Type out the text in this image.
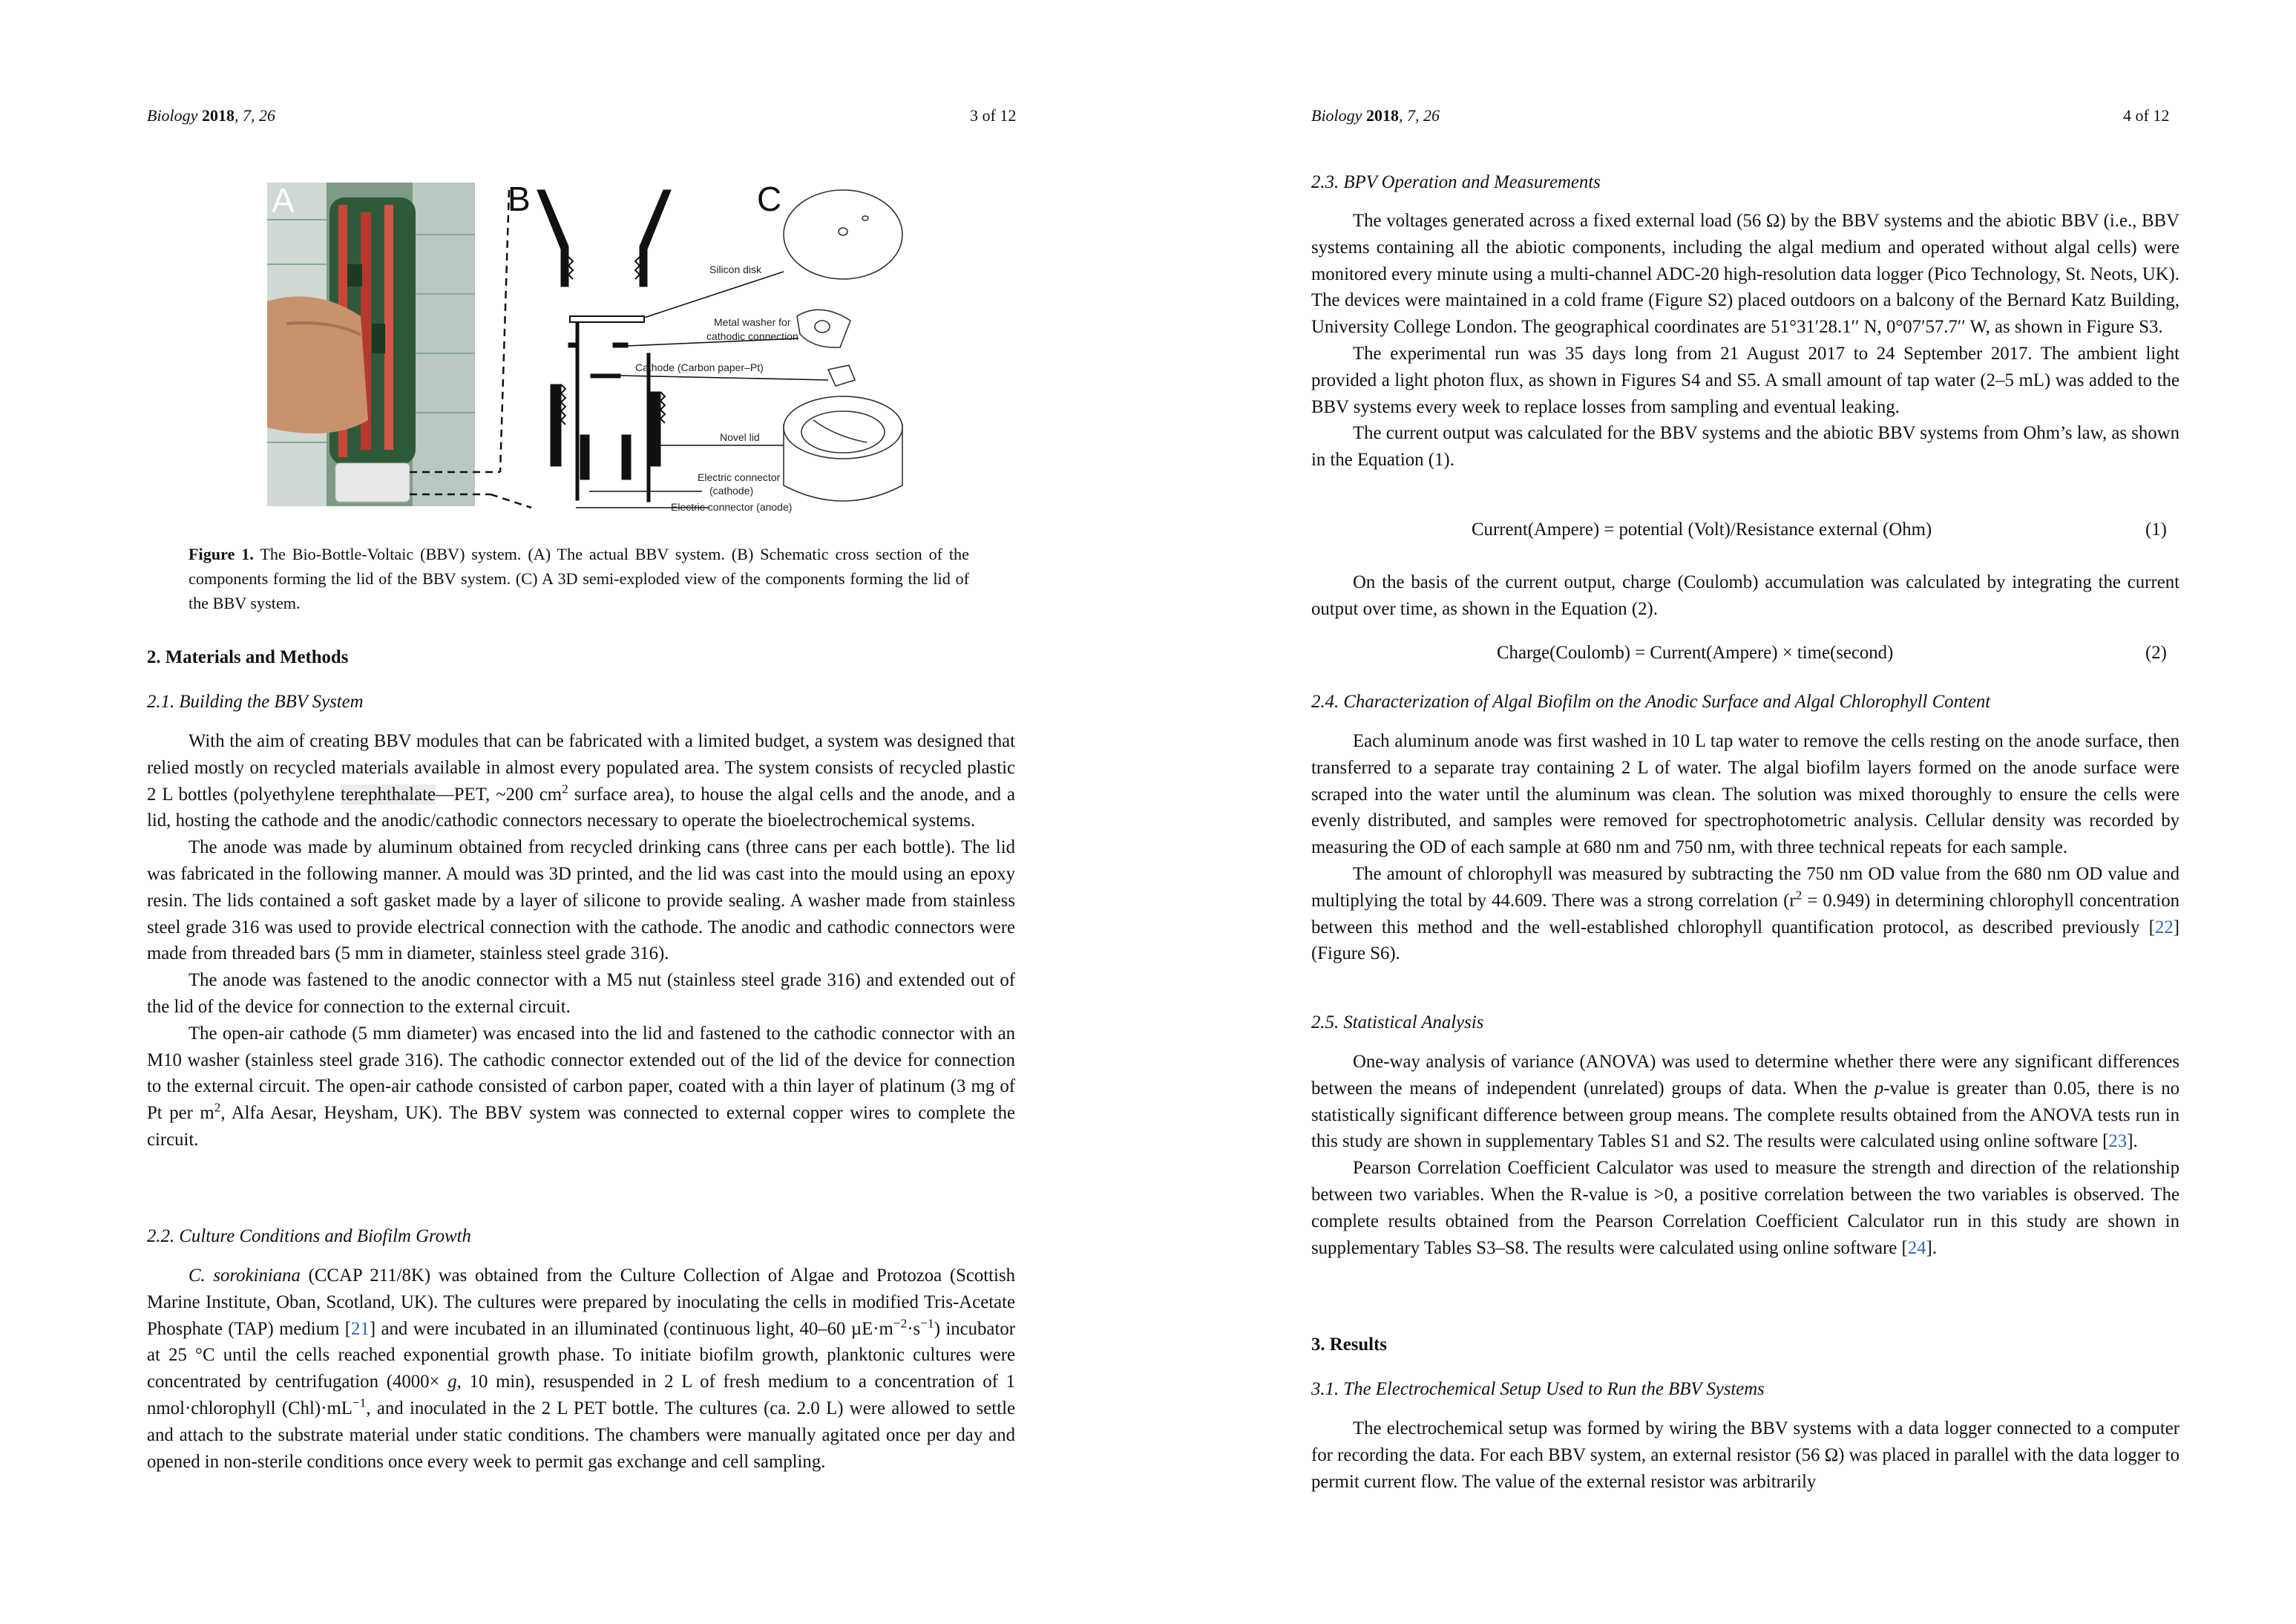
Biology 2018, 7, 26	3 of 12
A	B	C
Silicon disk
Metal washer for
cathodic connection
Cathode (Carbon paper–Pt)
Novel lid
Electric connector
(cathode)
Electric connector (anode)
Figure 1. The Bio-Bottle-Voltaic (BBV) system. (A) The actual BBV system. (B) Schematic cross section of the components forming the lid of the BBV system. (C) A 3D semi-exploded view of the components forming the lid of the BBV system.

2. Materials and Methods

2.1. Building the BBV System

With the aim of creating BBV modules that can be fabricated with a limited budget, a system was designed that relied mostly on recycled materials available in almost every populated area. The system consists of recycled plastic 2 L bottles (polyethylene terephthalate—PET, ~200 $cm^2$ surface area), to house the algal cells and the anode, and a lid, hosting the cathode and the anodic/cathodic connectors necessary to operate the bioelectrochemical systems.

The anode was made by aluminum obtained from recycled drinking cans (three cans per each bottle). The lid was fabricated in the following manner. A mould was 3D printed, and the lid was cast into the mould using an epoxy resin. The lids contained a soft gasket made by a layer of silicone to provide sealing. A washer made from stainless steel grade 316 was used to provide electrical connection with the cathode. The anodic and cathodic connectors were made from threaded bars (5 mm in diameter, stainless steel grade 316).

The anode was fastened to the anodic connector with a M5 nut (stainless steel grade 316) and extended out of the lid of the device for connection to the external circuit.

The open-air cathode (5 mm diameter) was encased into the lid and fastened to the cathodic connector with an M10 washer (stainless steel grade 316). The cathodic connector extended out of the lid of the device for connection to the external circuit. The open-air cathode consisted of carbon paper, coated with a thin layer of platinum (3 mg of Pt per $m^2$, Alfa Aesar, Heysham, UK). The BBV system was connected to external copper wires to complete the circuit.

2.2. Culture Conditions and Biofilm Growth

C. sorokiniana (CCAP 211/8K) was obtained from the Culture Collection of Algae and Protozoa (Scottish Marine Institute, Oban, Scotland, UK). The cultures were prepared by inoculating the cells in modified Tris-Acetate Phosphate (TAP) medium [21] and were incubated in an illuminated (continuous light, 40–60 $\mu E\cdot m^{-2}\cdot s^{-1}$) incubator at 25 °C until the cells reached exponential growth phase. To initiate biofilm growth, planktonic cultures were concentrated by centrifugation (4000× g, 10 min), resuspended in 2 L of fresh medium to a concentration of 1 nmol·chlorophyll $(Chl)\cdot mL^{-1}$, and inoculated in the 2 L PET bottle. The cultures (ca. 2.0 L) were allowed to settle and attach to the substrate material under static conditions. The chambers were manually agitated once per day and opened in non-sterile conditions once every week to permit gas exchange and cell sampling.

Biology 2018, 7, 26	4 of 12

2.3. BPV Operation and Measurements

The voltages generated across a fixed external load (56 Ω) by the BBV systems and the abiotic BBV (i.e., BBV systems containing all the abiotic components, including the algal medium and operated without algal cells) were monitored every minute using a multi-channel ADC-20 high-resolution data logger (Pico Technology, St. Neots, UK). The devices were maintained in a cold frame (Figure S2) placed outdoors on a balcony of the Bernard Katz Building, University College London. The geographical coordinates are 51°31′28.1′′ N, 0°07′57.7′′ W, as shown in Figure S3.

The experimental run was 35 days long from 21 August 2017 to 24 September 2017. The ambient light provided a light photon flux, as shown in Figures S4 and S5. A small amount of tap water (2–5 mL) was added to the BBV systems every week to replace losses from sampling and eventual leaking.

The current output was calculated for the BBV systems and the abiotic BBV systems from Ohm’s law, as shown in the Equation (1).

Current(Ampere) = potential (Volt)/Resistance external (Ohm)	(1)

On the basis of the current output, charge (Coulomb) accumulation was calculated by integrating the current output over time, as shown in the Equation (2).

Charge(Coulomb) = Current(Ampere) × time(second)	(2)

2.4. Characterization of Algal Biofilm on the Anodic Surface and Algal Chlorophyll Content

Each aluminum anode was first washed in 10 L tap water to remove the cells resting on the anode surface, then transferred to a separate tray containing 2 L of water. The algal biofilm layers formed on the anode surface were scraped into the water until the aluminum was clean. The solution was mixed thoroughly to ensure the cells were evenly distributed, and samples were removed for spectrophotometric analysis. Cellular density was recorded by measuring the OD of each sample at 680 nm and 750 nm, with three technical repeats for each sample.

The amount of chlorophyll was measured by subtracting the 750 nm OD value from the 680 nm OD value and multiplying the total by 44.609. There was a strong correlation $(r^2 = 0.949)$ in determining chlorophyll concentration between this method and the well-established chlorophyll quantification protocol, as described previously [22] (Figure S6).

2.5. Statistical Analysis

One-way analysis of variance (ANOVA) was used to determine whether there were any significant differences between the means of independent (unrelated) groups of data. When the p-value is greater than 0.05, there is no statistically significant difference between group means. The complete results obtained from the ANOVA tests run in this study are shown in supplementary Tables S1 and S2. The results were calculated using online software [23].

Pearson Correlation Coefficient Calculator was used to measure the strength and direction of the relationship between two variables. When the R-value is >0, a positive correlation between the two variables is observed. The complete results obtained from the Pearson Correlation Coefficient Calculator run in this study are shown in supplementary Tables S3–S8. The results were calculated using online software [24].

3. Results

3.1. The Electrochemical Setup Used to Run the BBV Systems

The electrochemical setup was formed by wiring the BBV systems with a data logger connected to a computer for recording the data. For each BBV system, an external resistor (56 Ω) was placed in parallel with the data logger to permit current flow. The value of the external resistor was arbitrarily
